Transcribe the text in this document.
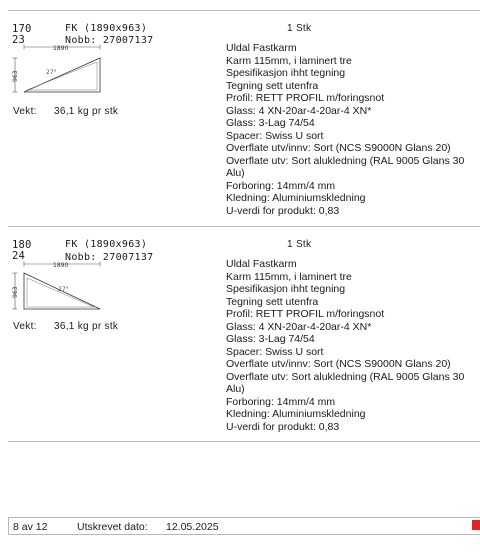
170
23
FK (1890x963)
Nobb: 27007137
1 Stk
1890
963	27°
Vekt: 36,1 kg pr stk
Uldal Fastkarm
Karm 115mm, i laminert tre
Spesifikasjon ihht tegning
Tegning sett utenfra
Profil: RETT PROFIL m/foringsnot
Glass: 4 XN-20ar-4-20ar-4 XN*
Glass: 3-Lag 74/54
Spacer: Swiss U sort
Overflate utv/innv: Sort (NCS S9000N Glans 20)
Overflate utv: Sort alukledning (RAL 9005 Glans 30 Alu)
Forboring: 14mm/4 mm
Kledning: Aluminiumskledning
U-verdi for produkt: 0,83
180
24
FK (1890x963)
Nobb: 27007137
1 Stk
1890
963	27°
Vekt: 36,1 kg pr stk
Uldal Fastkarm
Karm 115mm, i laminert tre
Spesifikasjon ihht tegning
Tegning sett utenfra
Profil: RETT PROFIL m/foringsnot
Glass: 4 XN-20ar-4-20ar-4 XN*
Glass: 3-Lag 74/54
Spacer: Swiss U sort
Overflate utv/innv: Sort (NCS S9000N Glans 20)
Overflate utv: Sort alukledning (RAL 9005 Glans 30 Alu)
Forboring: 14mm/4 mm
Kledning: Aluminiumskledning
U-verdi for produkt: 0,83
8 av 12	Utskrevet dato: 12.05.2025
